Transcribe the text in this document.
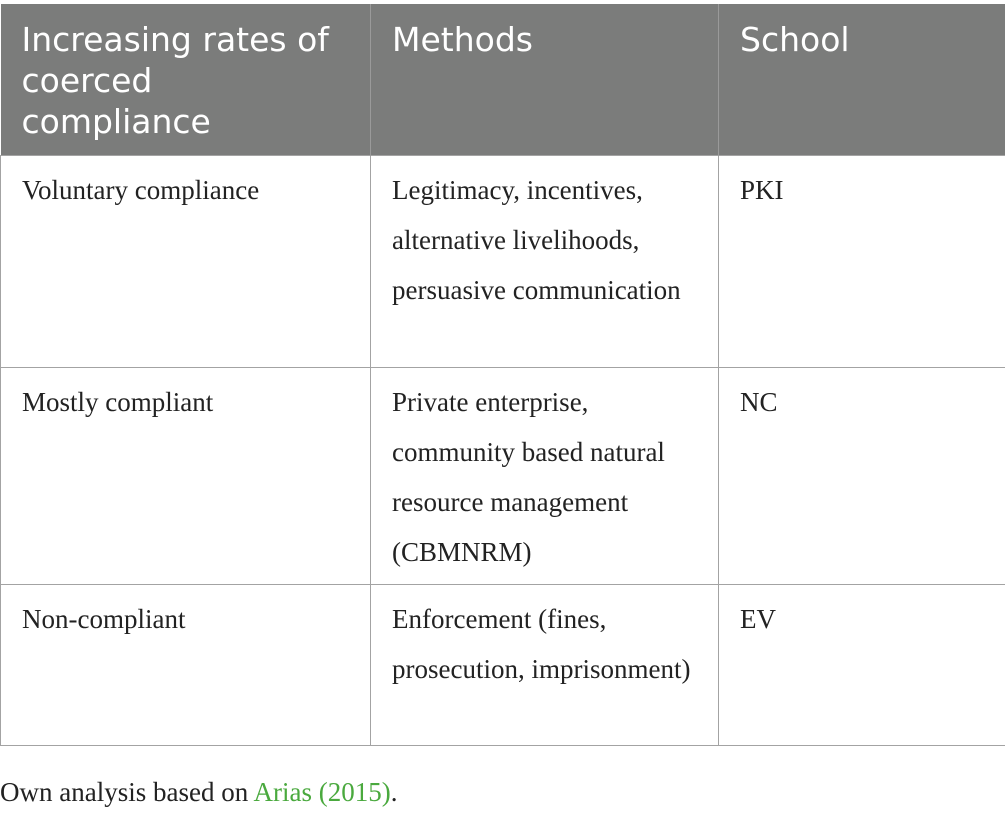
Increasing rates of coerced compliance	Methods	School
Voluntary compliance	Legitimacy, incentives, alternative livelihoods, persuasive communication	PKI
Mostly compliant	Private enterprise, community based natural resource management (CBMNRM)	NC
Non-compliant	Enforcement (fines, prosecution, imprisonment)	EV
Own analysis based on Arias (2015).
